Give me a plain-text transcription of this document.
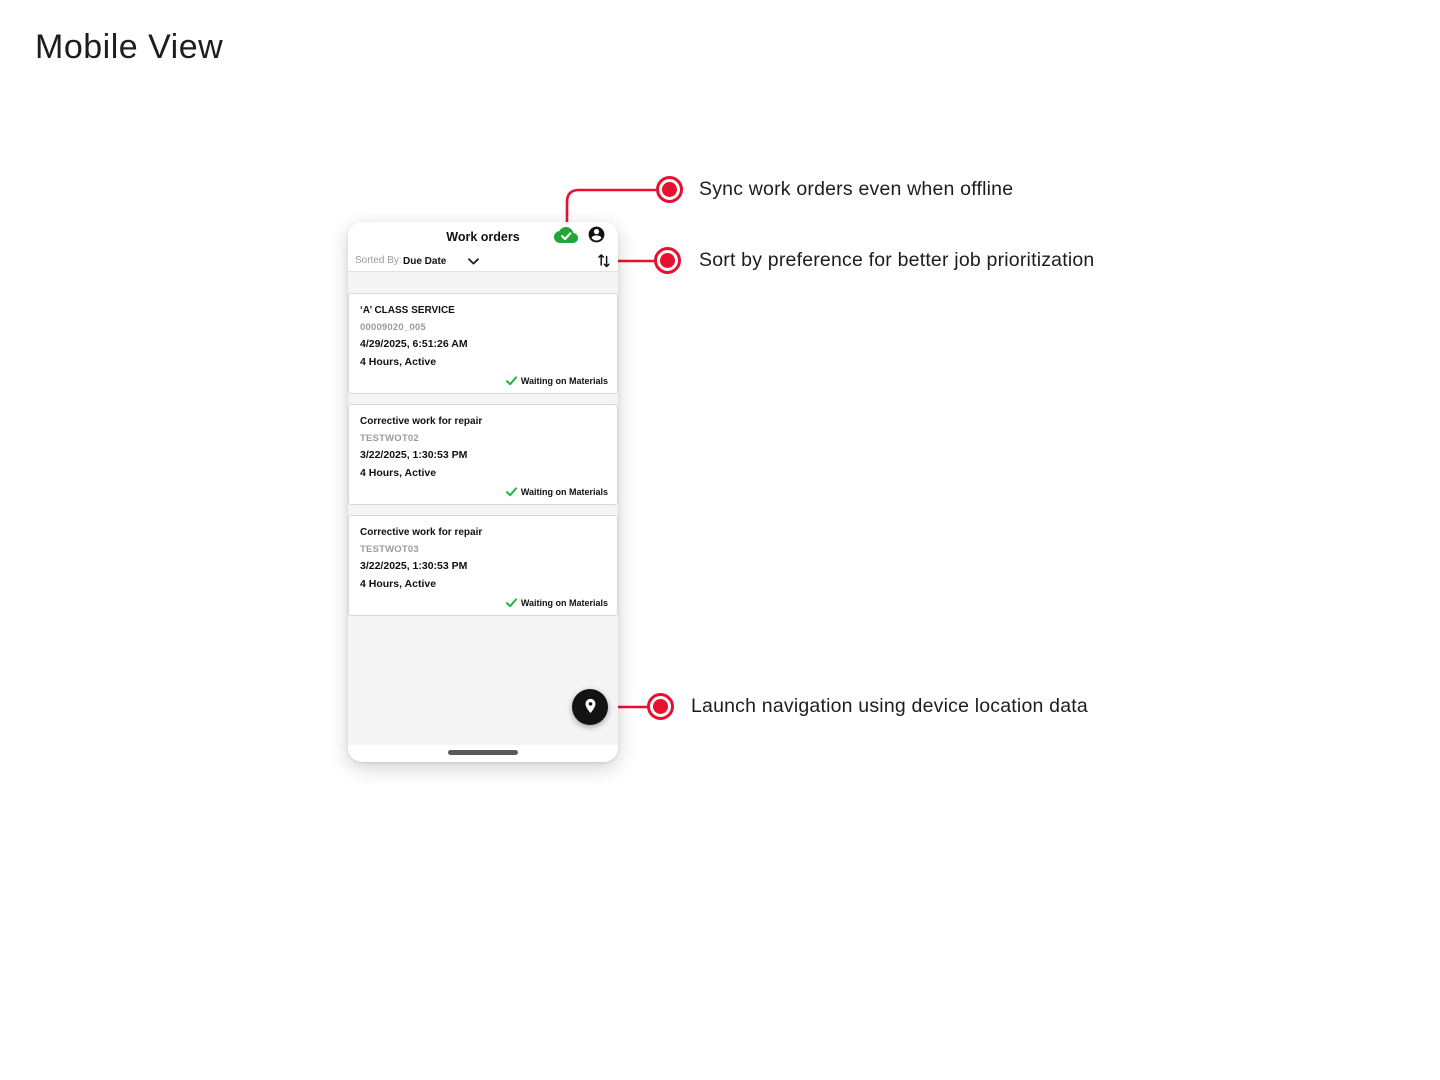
Mobile View
Work orders
Sorted By: Due Date
‘A’ CLASS SERVICE
00009020_005
4/29/2025, 6:51:26 AM
4 Hours, Active
Waiting on Materials
Corrective work for repair
TESTWOT02
3/22/2025, 1:30:53 PM
4 Hours, Active
Waiting on Materials
Corrective work for repair
TESTWOT03
3/22/2025, 1:30:53 PM
4 Hours, Active
Waiting on Materials
Sync work orders even when offline
Sort by preference for better job prioritization
Launch navigation using device location data
